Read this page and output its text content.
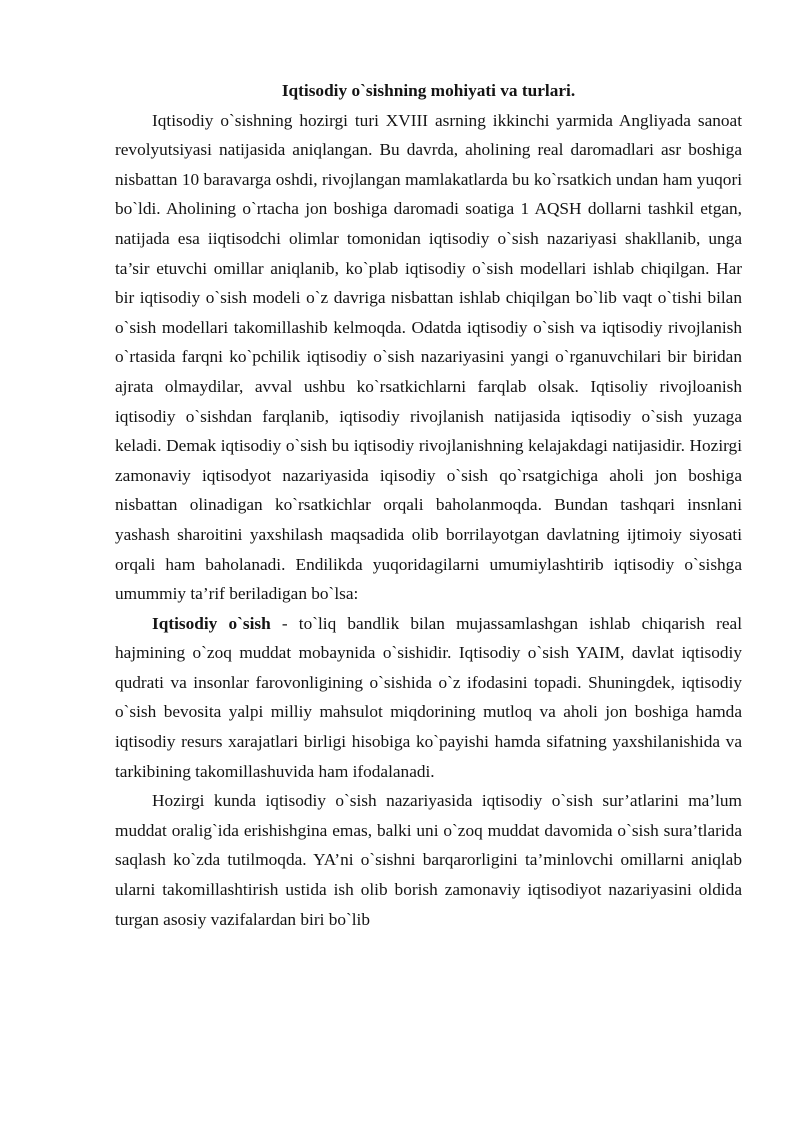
Iqtisodiy o`sishning mohiyati va turlari.

Iqtisodiy o`sishning hozirgi turi XVIII asrning ikkinchi yarmida Angliyada sanoat revolyutsiyasi natijasida aniqlangan. Bu davrda, aholining real daromadlari asr boshiga nisbattan 10 baravarga oshdi, rivojlangan mamlakatlarda bu ko`rsatkich undan ham yuqori bo`ldi. Aholining o`rtacha jon boshiga daromadi soatiga 1 AQSH dollarni tashkil etgan, natijada esa iiqtisodchi olimlar tomonidan iqtisodiy o`sish nazariyasi shakllanib, unga ta’sir etuvchi omillar aniqlanib, ko`plab iqtisodiy o`sish modellari ishlab chiqilgan. Har bir iqtisodiy o`sish modeli o`z davriga nisbattan ishlab chiqilgan bo`lib vaqt o`tishi bilan o`sish modellari takomillashib kelmoqda. Odatda iqtisodiy o`sish va iqtisodiy rivojlanish o`rtasida farqni ko`pchilik iqtisodiy o`sish nazariyasini yangi o`rganuvchilari bir biridan ajrata olmaydilar, avval ushbu ko`rsatkichlarni farqlab olsak. Iqtisoliy rivojloanish iqtisodiy o`sishdan farqlanib, iqtisodiy rivojlanish natijasida iqtisodiy o`sish yuzaga keladi. Demak iqtisodiy o`sish bu iqtisodiy rivojlanishning kelajakdagi natijasidir. Hozirgi zamonaviy iqtisodyot nazariyasida iqisodiy o`sish qo`rsatgichiga aholi jon boshiga nisbattan olinadigan ko`rsatkichlar orqali baholanmoqda. Bundan tashqari insnlani yashash sharoitini yaxshilash maqsadida olib borrilayotgan davlatning ijtimoiy siyosati orqali ham baholanadi. Endilikda yuqoridagilarni umumiylashtirib iqtisodiy o`sishga umummiy ta’rif beriladigan bo`lsa:

Iqtisodiy o`sish - to`liq bandlik bilan mujassamlashgan ishlab chiqarish real hajmining o`zoq muddat mobaynida o`sishidir. Iqtisodiy o`sish YAIM, davlat iqtisodiy qudrati va insonlar farovonligining o`sishida o`z ifodasini topadi. Shuningdek, iqtisodiy o`sish bevosita yalpi milliy mahsulot miqdorining mutloq va aholi jon boshiga hamda iqtisodiy resurs xarajatlari birligi hisobiga ko`payishi hamda sifatning yaxshilanishida va tarkibining takomillashuvida ham ifodalanadi.

Hozirgi kunda iqtisodiy o`sish nazariyasida iqtisodiy o`sish sur’atlarini ma’lum muddat oralig`ida erishishgina emas, balki uni o`zoq muddat davomida o`sish sura’tlarida saqlash ko`zda tutilmoqda. YA’ni o`sishni barqarorligini ta’minlovchi omillarni aniqlab ularni takomillashtirish ustida ish olib borish zamonaviy iqtisodiyot nazariyasini oldida turgan asosiy vazifalardan biri bo`lib
